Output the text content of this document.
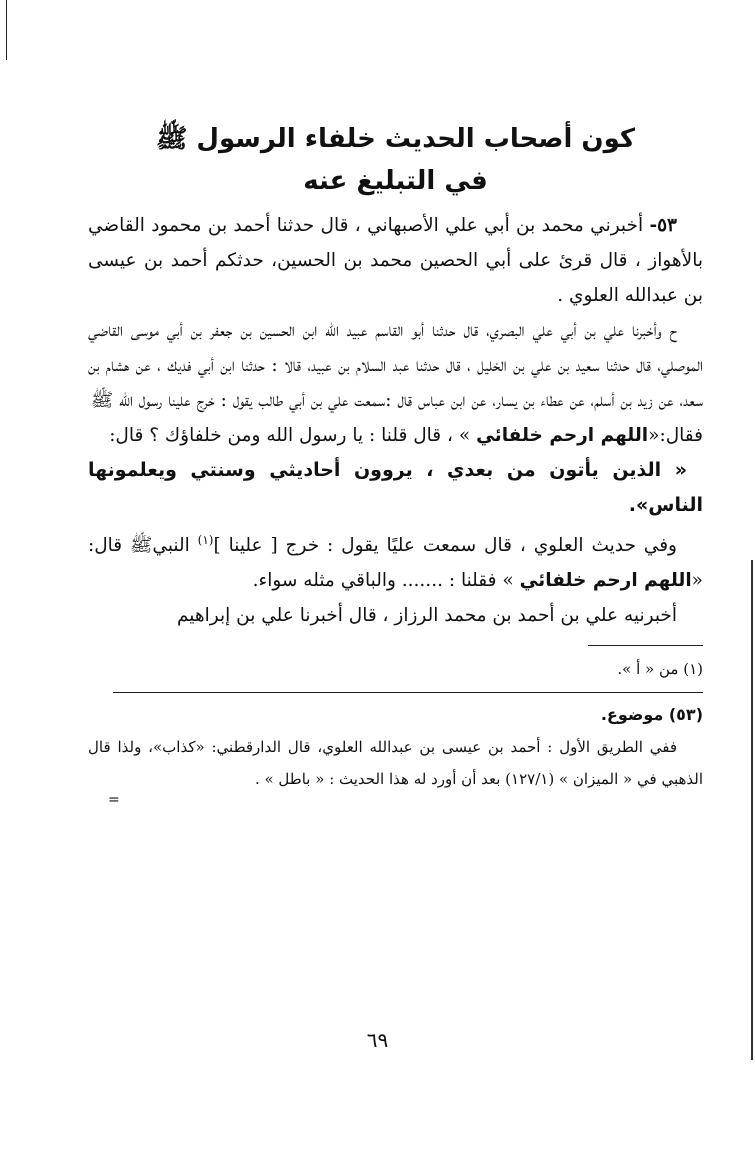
كون أصحاب الحديث خلفاء الرسول ﷺ
في التبليغ عنه

٥٣- أخبرني محمد بن أبي علي الأصبهاني ، قال حدثنا أحمد بن محمود القاضي بالأهواز ، قال قرئ على أبي الحصين محمد بن الحسين، حدثكم أحمد بن عيسى بن عبدالله العلوي .

ح وأخبرنا علي بن أبي علي البصري، قال حدثنا أبو القاسم عبيد الله ابن الحسين بن جعفر بن أبي موسى القاضي الموصلي، قال حدثنا سعيد بن علي بن الخليل ، قال حدثنا عبد السلام بن عبيد، قالا : حدثنا ابن أبي فديك ، عن هشام بن سعد، عن زيد بن أسلم، عن عطاء بن يسار، عن ابن عباس قال :سمعت علي بن أبي طالب يقول : خرج علينا رسول الله ﷺ

فقال:«اللهم ارحم خلفائي » ، قال قلنا : يا رسول الله ومن خلفاؤك ؟ قال:

« الذين يأتون من بعدي ، يروون أحاديثي وسنتي ويعلمونها الناس».

وفي حديث العلوي ، قال سمعت عليًا يقول : خرج [ علينا ]$^{(١)}$ النبيﷺ قال: «اللهم ارحم خلفائي » فقلنا : ....... والباقي مثله سواء.

أخبرنيه علي بن أحمد بن محمد الرزاز ، قال أخبرنا علي بن إبراهيم

(١) من « أ ».

(٥٣) موضوع.

ففي الطريق الأول : أحمد بن عيسى بن عبدالله العلوي، قال الدارقطني: «كذاب»، ولذا قال الذهبي في « الميزان » (١٢٧/١) بعد أن أورد له هذا الحديث : « باطل » .

=
٦٩
